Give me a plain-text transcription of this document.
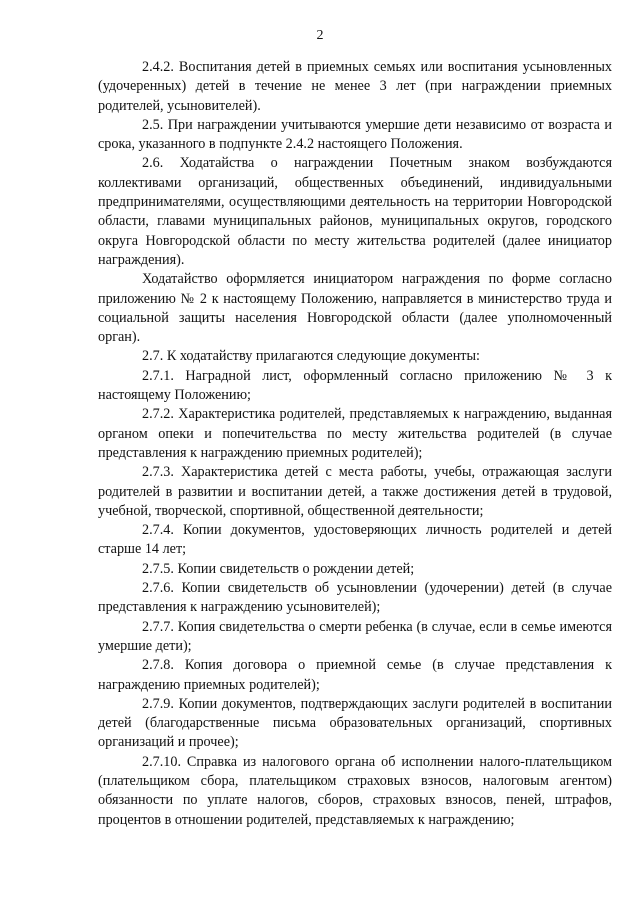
2

2.4.2. Воспитания детей в приемных семьях или воспитания усыновленных (удочеренных) детей в течение не менее 3 лет (при награждении приемных родителей, усыновителей).

2.5. При награждении учитываются умершие дети независимо от возраста и срока, указанного в подпункте 2.4.2 настоящего Положения.

2.6. Ходатайства о награждении Почетным знаком возбуждаются коллективами организаций, общественных объединений, индивидуальными предпринимателями, осуществляющими деятельность на территории Новгородской области, главами муниципальных районов, муниципальных округов, городского округа Новгородской области по месту жительства родителей (далее инициатор награждения).

Ходатайство оформляется инициатором награждения по форме согласно приложению № 2 к настоящему Положению, направляется в министерство труда и социальной защиты населения Новгородской области (далее уполномоченный орган).

2.7. К ходатайству прилагаются следующие документы:

2.7.1. Наградной лист, оформленный согласно приложению № 3 к настоящему Положению;

2.7.2. Характеристика родителей, представляемых к награждению, выданная органом опеки и попечительства по месту жительства родителей (в случае представления к награждению приемных родителей);

2.7.3. Характеристика детей с места работы, учебы, отражающая заслуги родителей в развитии и воспитании детей, а также достижения детей в трудовой, учебной, творческой, спортивной, общественной деятельности;

2.7.4. Копии документов, удостоверяющих личность родителей и детей старше 14 лет;

2.7.5. Копии свидетельств о рождении детей;

2.7.6. Копии свидетельств об усыновлении (удочерении) детей (в случае представления к награждению усыновителей);

2.7.7. Копия свидетельства о смерти ребенка (в случае, если в семье имеются умершие дети);

2.7.8. Копия договора о приемной семье (в случае представления к награждению приемных родителей);

2.7.9. Копии документов, подтверждающих заслуги родителей в воспитании детей (благодарственные письма образовательных организаций, спортивных организаций и прочее);

2.7.10. Справка из налогового органа об исполнении налого-плательщиком (плательщиком сбора, плательщиком страховых взносов, налоговым агентом) обязанности по уплате налогов, сборов, страховых взносов, пеней, штрафов, процентов в отношении родителей, представляемых к награждению;
